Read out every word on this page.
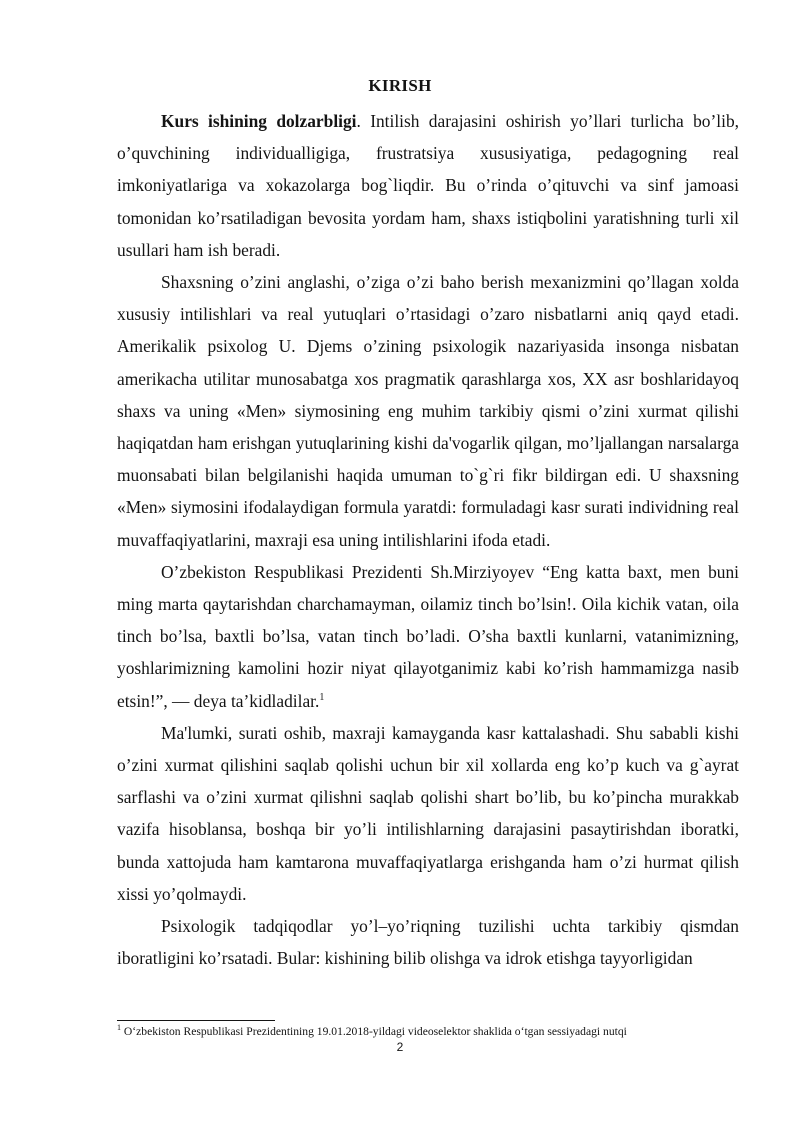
KIRISH

Kurs ishining dolzarbligi. Intilish darajasini oshirish yo’llari turlicha bo’lib, o’quvchining individualligiga, frustratsiya xususiyatiga, pedagogning real imkoniyatlariga va xokazolarga bog`liqdir. Bu o’rinda o’qituvchi va sinf jamoasi tomonidan ko’rsatiladigan bevosita yordam ham, shaxs istiqbolini yaratishning turli xil usullari ham ish beradi.

Shaxsning o’zini anglashi, o’ziga o’zi baho berish mexanizmini qo’llagan xolda xususiy intilishlari va real yutuqlari o’rtasidagi o’zaro nisbatlarni aniq qayd etadi. Amerikalik psixolog U. Djems o’zining psixologik nazariyasida insonga nisbatan amerikacha utilitar munosabatga xos pragmatik qarashlarga xos, XX asr boshlaridayoq shaxs va uning «Men» siymosining eng muhim tarkibiy qismi o’zini xurmat qilishi haqiqatdan ham erishgan yutuqlarining kishi da'vogarlik qilgan, mo’ljallangan narsalarga muonsabati bilan belgilanishi haqida umuman to`g`ri fikr bildirgan edi. U shaxsning «Men» siymosini ifodalaydigan formula yaratdi: formuladagi kasr surati individning real muvaffaqiyatlarini, maxraji esa uning intilishlarini ifoda etadi.

O’zbekiston Respublikasi Prezidenti Sh.Mirziyoyev “Eng katta baxt, men buni ming marta qaytarishdan charchamayman, oilamiz tinch bo’lsin!. Oila kichik vatan, oila tinch bo’lsa, baxtli bo’lsa, vatan tinch bo’ladi. O’sha baxtli kunlarni, vatanimizning, yoshlarimizning kamolini hozir niyat qilayotganimiz kabi ko’rish hammamizga nasib etsin!”, — deya ta’kidladilar.$^1$

Ma'lumki, surati oshib, maxraji kamayganda kasr kattalashadi. Shu sababli kishi o’zini xurmat qilishini saqlab qolishi uchun bir xil xollarda eng ko’p kuch va g`ayrat sarflashi va o’zini xurmat qilishni saqlab qolishi shart bo’lib, bu ko’pincha murakkab vazifa hisoblansa, boshqa bir yo’li intilishlarning darajasini pasaytirishdan iboratki, bunda xattojuda ham kamtarona muvaffaqiyatlarga erishganda ham o’zi hurmat qilish xissi yo’qolmaydi.

Psixologik tadqiqodlar yo’l–yo’riqning tuzilishi uchta tarkibiy qismdan iboratligini ko’rsatadi. Bular: kishining bilib olishga va idrok etishga tayyorligidan

$^1$ O‘zbekiston Respublikasi Prezidentining 19.01.2018-yildagi videoselektor shaklida o‘tgan sessiyadagi nutqi
2
